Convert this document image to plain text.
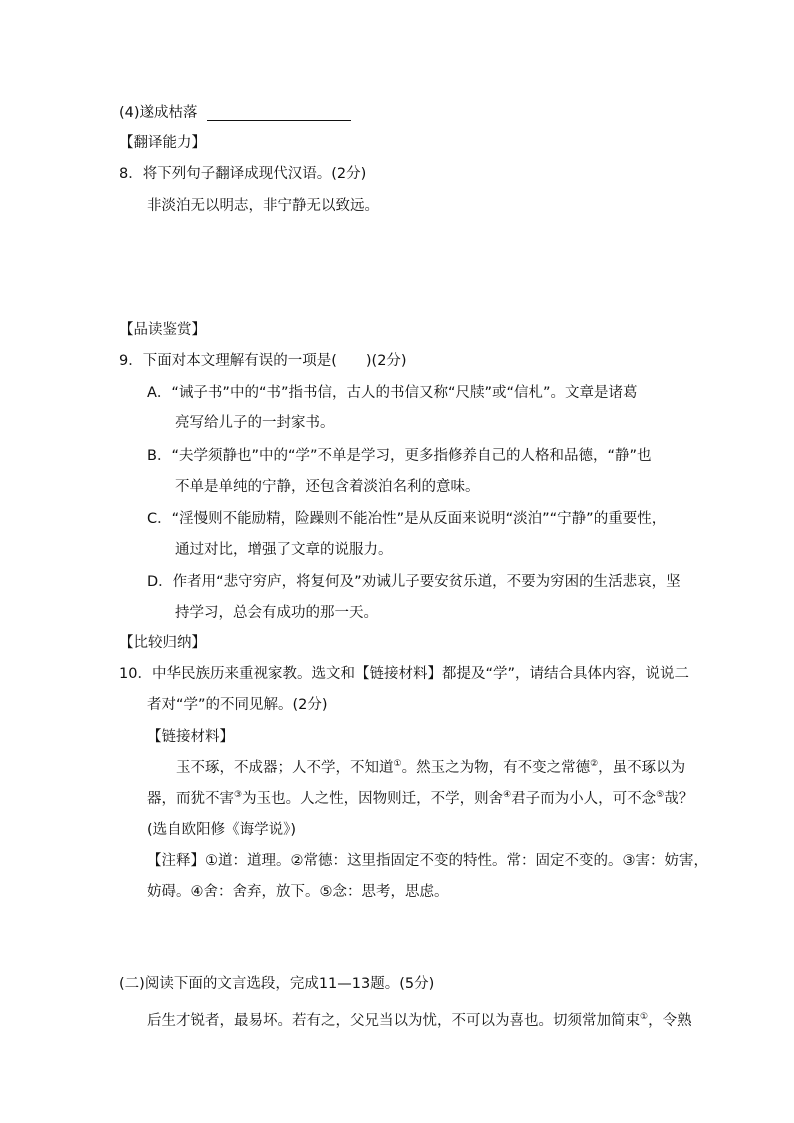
(4)遂成枯落
【翻译能力】
8．将下列句子翻译成现代汉语。(2分)
非淡泊无以明志，非宁静无以致远。
【品读鉴赏】
9．下面对本文理解有误的一项是(　　)(2分)
A．“诫子书”中的“书”指书信，古人的书信又称“尺牍”或“信札”。文章是诸葛
亮写给儿子的一封家书。
B．“夫学须静也”中的“学”不单是学习，更多指修养自己的人格和品德，“静”也
不单是单纯的宁静，还包含着淡泊名利的意味。
C．“淫慢则不能励精，险躁则不能冶性”是从反面来说明“淡泊”“宁静”的重要性，
通过对比，增强了文章的说服力。
D．作者用“悲守穷庐，将复何及”劝诫儿子要安贫乐道，不要为穷困的生活悲哀，坚
持学习，总会有成功的那一天。
【比较归纳】
10．中华民族历来重视家教。选文和【链接材料】都提及“学”，请结合具体内容，说说二
者对“学”的不同见解。(2分)
【链接材料】
玉不琢，不成器；人不学，不知道①。然玉之为物，有不变之常德②，虽不琢以为
器，而犹不害③为玉也。人之性，因物则迁，不学，则舍④君子而为小人，可不念⑤哉？
(选自欧阳修《诲学说》)
【注释】①道：道理。②常德：这里指固定不变的特性。常：固定不变的。③害：妨害，
妨碍。④舍：舍弃，放下。⑤念：思考，思虑。
(二)阅读下面的文言选段，完成11—13题。(5分)
后生才锐者，最易坏。若有之，父兄当以为忧，不可以为喜也。切须常加简束①，令熟
